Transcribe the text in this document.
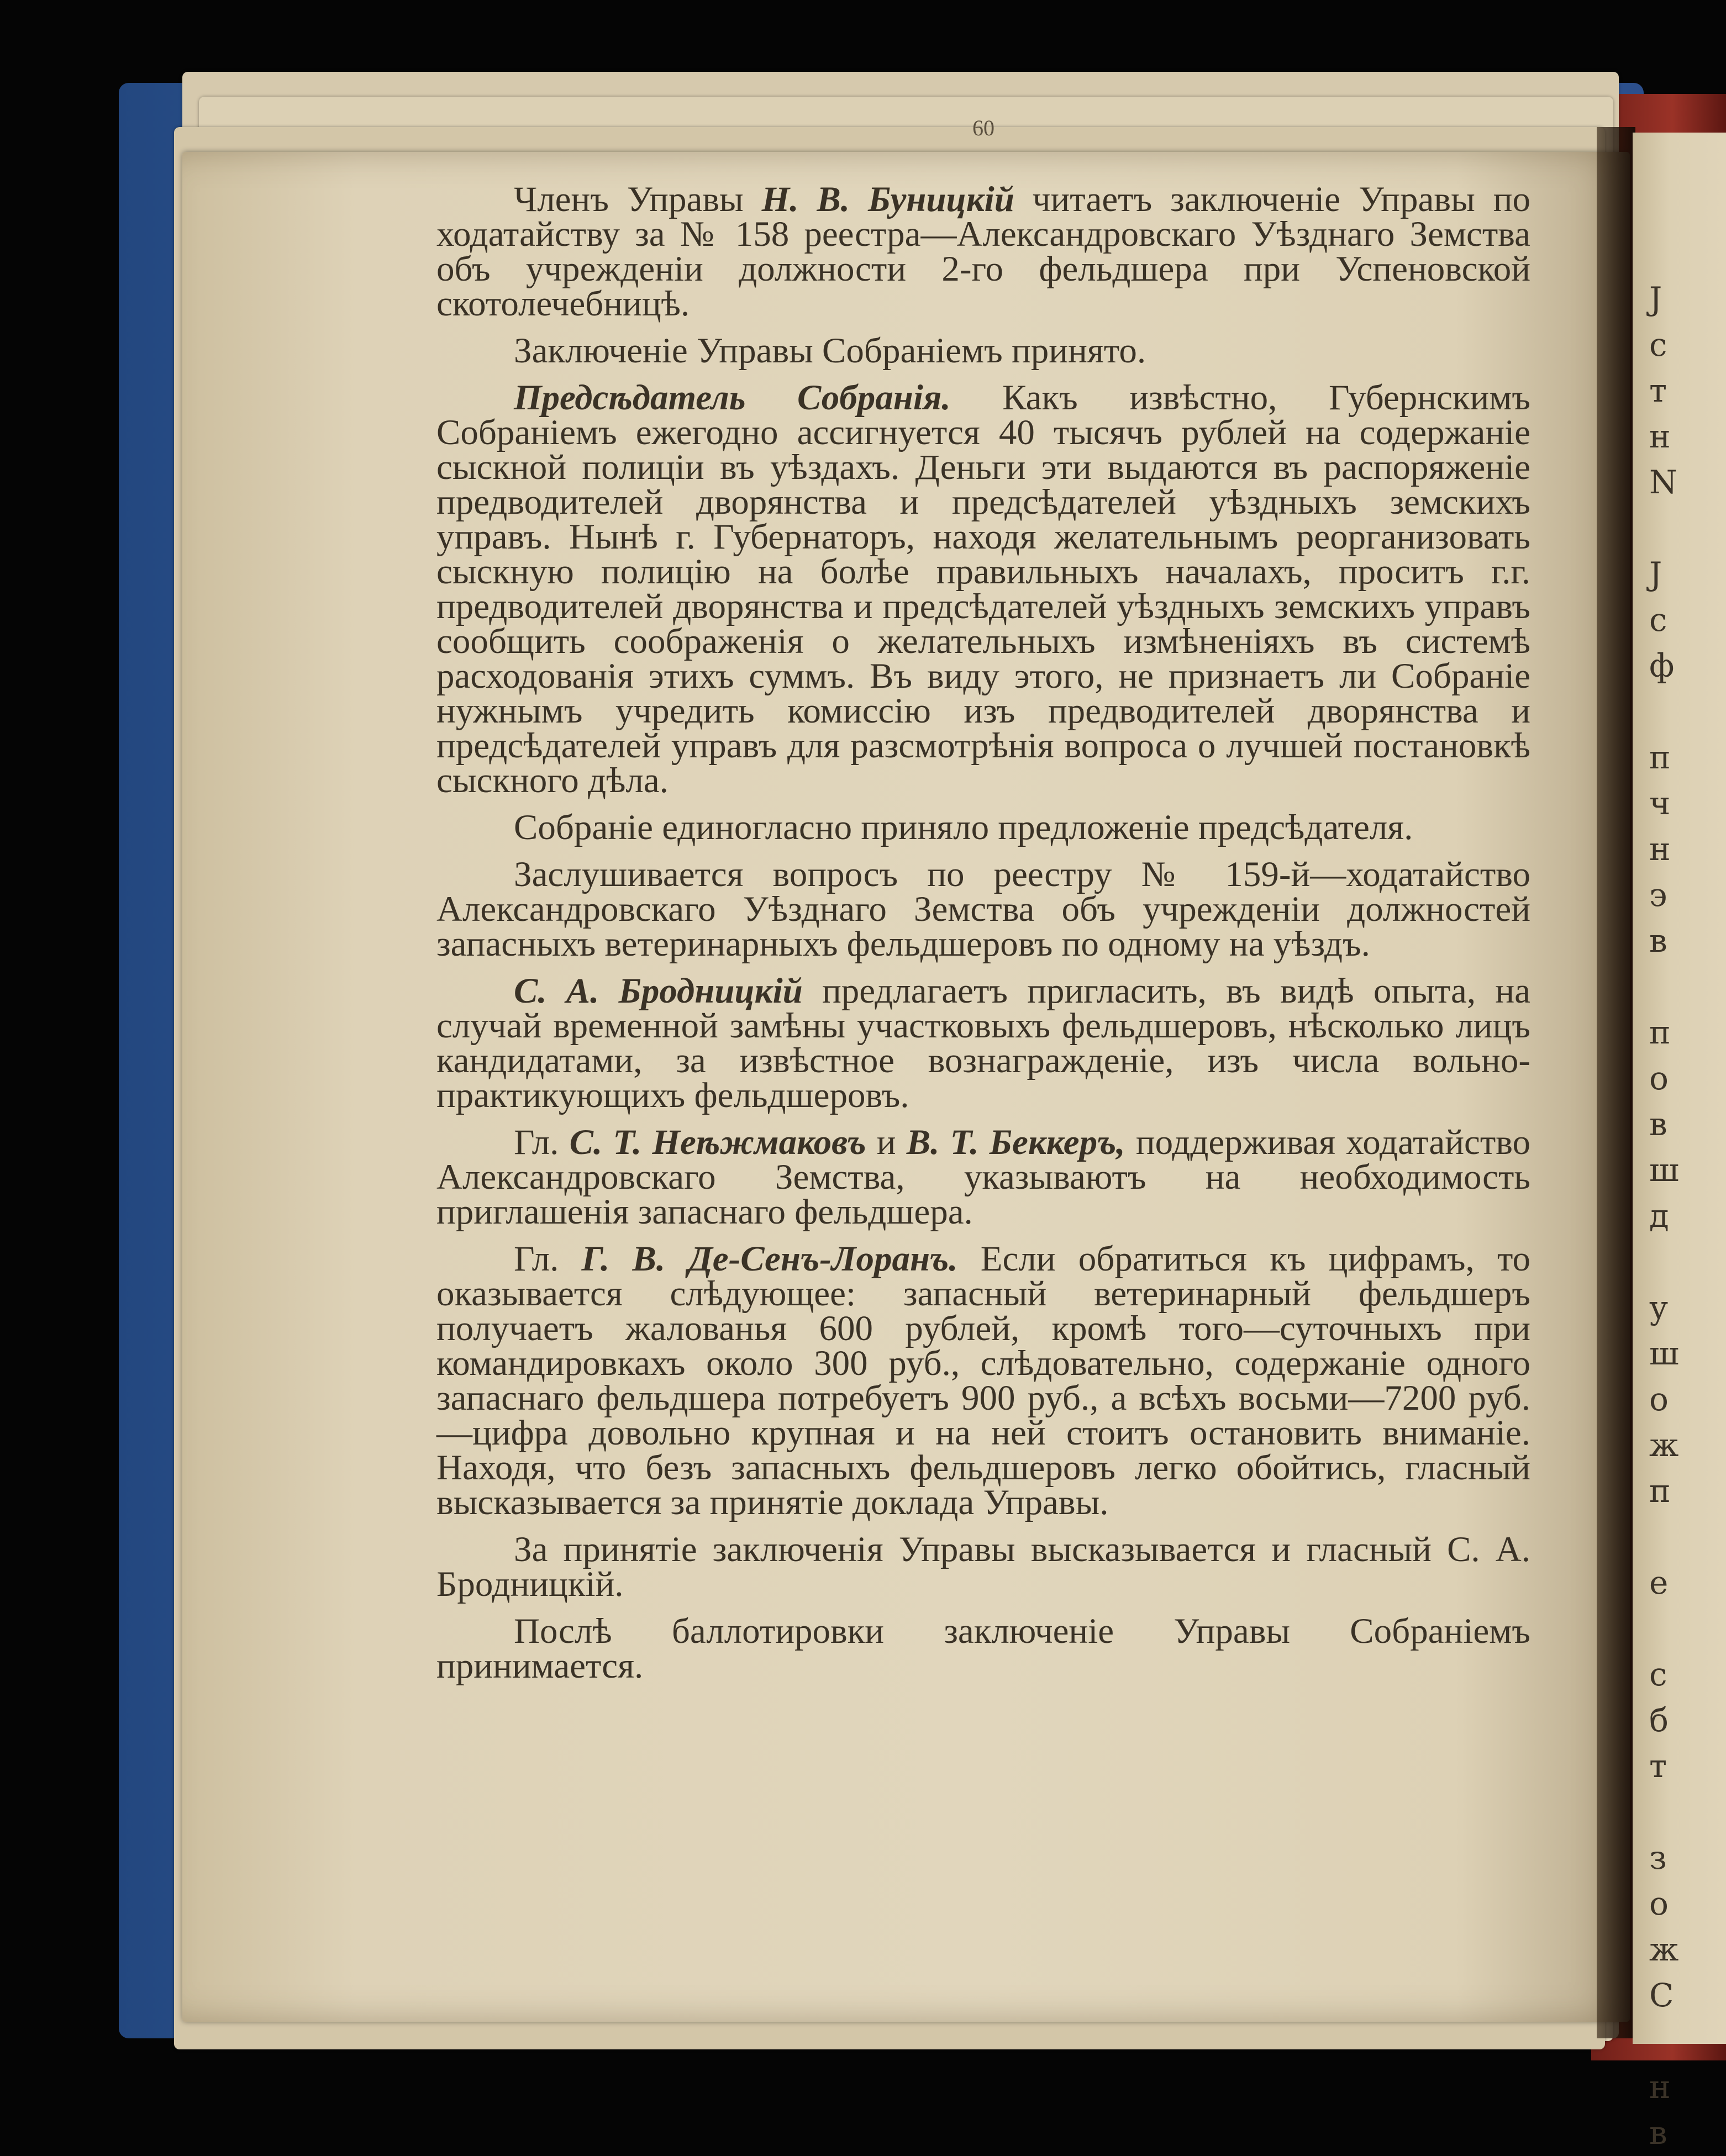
60

Членъ Управы Н. В. Буницкій читаетъ заключеніе Управы по ходатайству за № 158 реестра—Александровскаго Уѣзднаго Земства объ учрежденіи должности 2-го фельдшера при Успеновской скотолечебницѣ.

Заключеніе Управы Собраніемъ принято.

Предсѣдатель Собранія. Какъ извѣстно, Губернскимъ Собраніемъ ежегодно ассигнуется 40 тысячъ рублей на содержаніе сыскной полиціи въ уѣздахъ. Деньги эти выдаются въ распоряженіе предводителей дворянства и предсѣдателей уѣздныхъ земскихъ управъ. Нынѣ г. Губернаторъ, находя желательнымъ реорганизовать сыскную полицію на болѣе правильныхъ началахъ, проситъ г.г. предводителей дворянства и предсѣдателей уѣздныхъ земскихъ управъ сообщить соображенія о желательныхъ измѣненіяхъ въ системѣ расходованія этихъ суммъ. Въ виду этого, не признаетъ ли Собраніе нужнымъ учредить комиссію изъ предводителей дворянства и предсѣдателей управъ для разсмотрѣнія вопроса о лучшей постановкѣ сыскного дѣла.

Собраніе единогласно приняло предложеніе предсѣдателя.

Заслушивается вопросъ по реестру № 159-й—ходатайство Александровскаго Уѣзднаго Земства объ учрежденіи должностей запасныхъ ветеринарныхъ фельдшеровъ по одному на уѣздъ.

С. А. Бродницкій предлагаетъ пригласить, въ видѣ опыта, на случай временной замѣны участковыхъ фельдшеровъ, нѣсколько лицъ кандидатами, за извѣстное вознагражденіе, изъ числа вольно-практикующихъ фельдшеровъ.

Гл. С. Т. Неѣжмаковъ и В. Т. Беккеръ, поддерживая ходатайство Александровскаго Земства, указываютъ на необходимость приглашенія запаснаго фельдшера.

Гл. Г. В. Де-Сенъ-Лоранъ. Если обратиться къ цифрамъ, то оказывается слѣдующее: запасный ветеринарный фельдшеръ получаетъ жалованья 600 рублей, кромѣ того—суточныхъ при командировкахъ около 300 руб., слѣдовательно, содержаніе одного запаснаго фельдшера потребуетъ 900 руб., а всѣхъ восьми—7200 руб.—цифра довольно крупная и на ней стоитъ остановить вниманіе. Находя, что безъ запасныхъ фельдшеровъ легко обойтись, гласный высказывается за принятіе доклада Управы.

За принятіе заключенія Управы высказывается и гласный С. А. Бродницкій.

Послѣ баллотировки заключеніе Управы Собраніемъ принимается.

Ј
с
т
н
N

Ј
с
ф

п
ч
н
э
в

п
о
в
ш
д

у
ш
о
ж
п

е

с
б
т

з
о
ж
С

н
в
